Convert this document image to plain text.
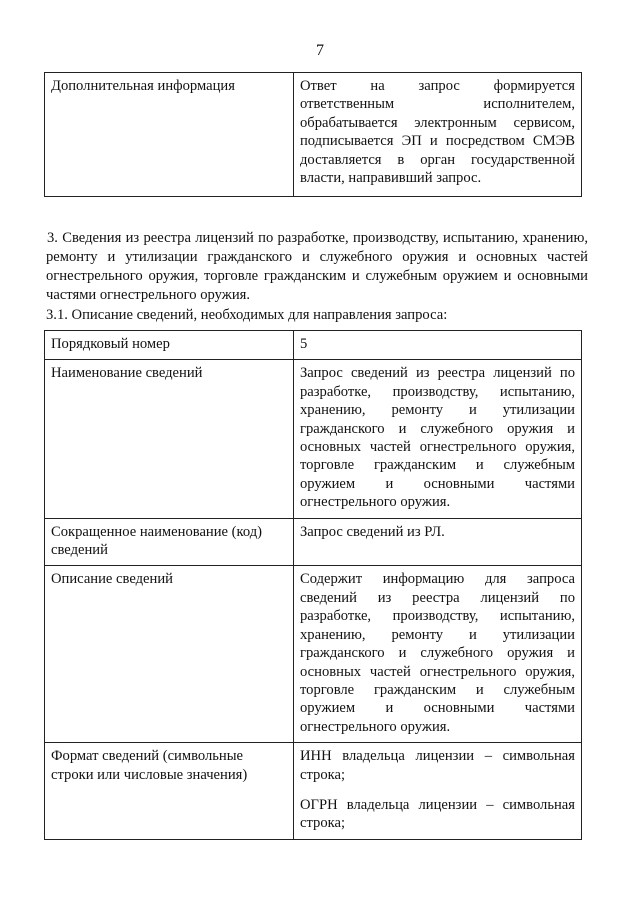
7
Дополнительная информация	Ответ на запрос формируется ответственным исполнителем, обрабатывается электронным сервисом, подписывается ЭП и посредством СМЭВ доставляется в орган государственной власти, направивший запрос.
3. Сведения из реестра лицензий по разработке, производству, испытанию, хранению, ремонту и утилизации гражданского и служебного оружия и основных частей огнестрельного оружия, торговле гражданским и служебным оружием и основными частями огнестрельного оружия.
3.1. Описание сведений, необходимых для направления запроса:
Порядковый номер	5
Наименование сведений	Запрос сведений из реестра лицензий по разработке, производству, испытанию, хранению, ремонту и утилизации гражданского и служебного оружия и основных частей огнестрельного оружия, торговле гражданским и служебным оружием и основными частями огнестрельного оружия.
Сокращенное наименование (код) сведений	Запрос сведений из РЛ.
Описание сведений	Содержит информацию для запроса сведений из реестра лицензий по разработке, производству, испытанию, хранению, ремонту и утилизации гражданского и служебного оружия и основных частей огнестрельного оружия, торговле гражданским и служебным оружием и основными частями огнестрельного оружия.
Формат сведений (символьные строки или числовые значения)	ИНН владельца лицензии – символьная строка;
ОГРН владельца лицензии – символьная строка;
